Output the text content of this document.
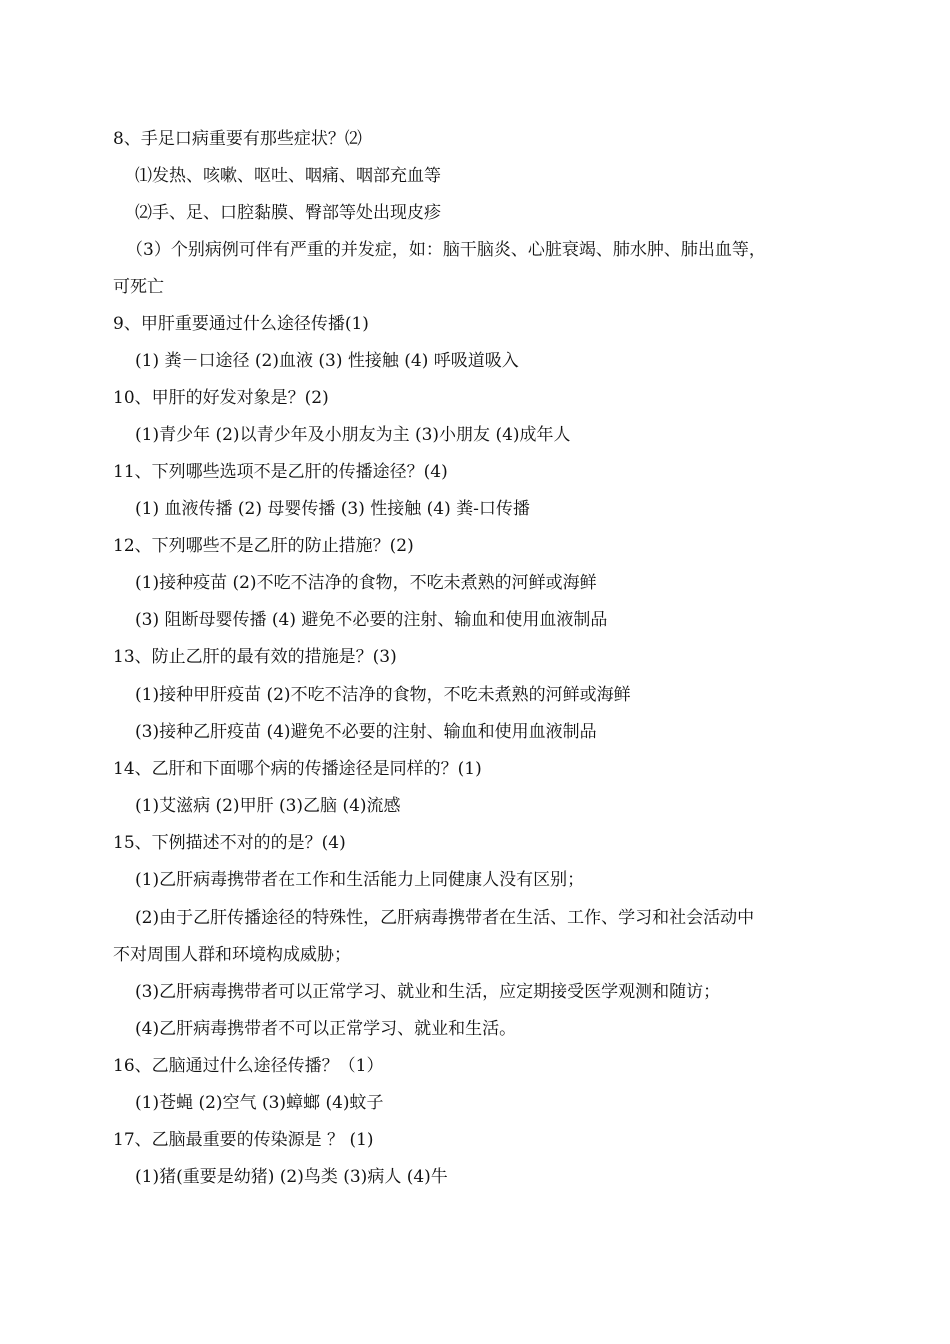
8、手足口病重要有那些症状？⑵
⑴发热、咳嗽、呕吐、咽痛、咽部充血等
⑵手、足、口腔黏膜、臀部等处出现皮疹
（3）个别病例可伴有严重的并发症，如：脑干脑炎、心脏衰竭、肺水肿、肺出血等，
可死亡
9、甲肝重要通过什么途径传播(1)
(1) 粪－口途径 (2)血液 (3) 性接触 (4) 呼吸道吸入
10、甲肝的好发对象是？(2)
(1)青少年 (2)以青少年及小朋友为主 (3)小朋友 (4)成年人
11、下列哪些选项不是乙肝的传播途径？(4)
(1) 血液传播 (2) 母婴传播 (3) 性接触 (4) 粪-口传播
12、下列哪些不是乙肝的防止措施？(2)
(1)接种疫苗 (2)不吃不洁净的食物，不吃未煮熟的河鲜或海鲜
(3) 阻断母婴传播 (4) 避免不必要的注射、输血和使用血液制品
13、防止乙肝的最有效的措施是？(3)
(1)接种甲肝疫苗 (2)不吃不洁净的食物，不吃未煮熟的河鲜或海鲜
(3)接种乙肝疫苗 (4)避免不必要的注射、输血和使用血液制品
14、乙肝和下面哪个病的传播途径是同样的？(1)
(1)艾滋病 (2)甲肝 (3)乙脑 (4)流感
15、下例描述不对的的是？(4)
(1)乙肝病毒携带者在工作和生活能力上同健康人没有区别；
(2)由于乙肝传播途径的特殊性，乙肝病毒携带者在生活、工作、学习和社会活动中
不对周围人群和环境构成威胁；
(3)乙肝病毒携带者可以正常学习、就业和生活，应定期接受医学观测和随访；
(4)乙肝病毒携带者不可以正常学习、就业和生活。
16、乙脑通过什么途径传播？（1）
(1)苍蝇 (2)空气 (3)蟑螂 (4)蚊子
17、乙脑最重要的传染源是 ？ (1)
(1)猪(重要是幼猪) (2)鸟类 (3)病人 (4)牛
